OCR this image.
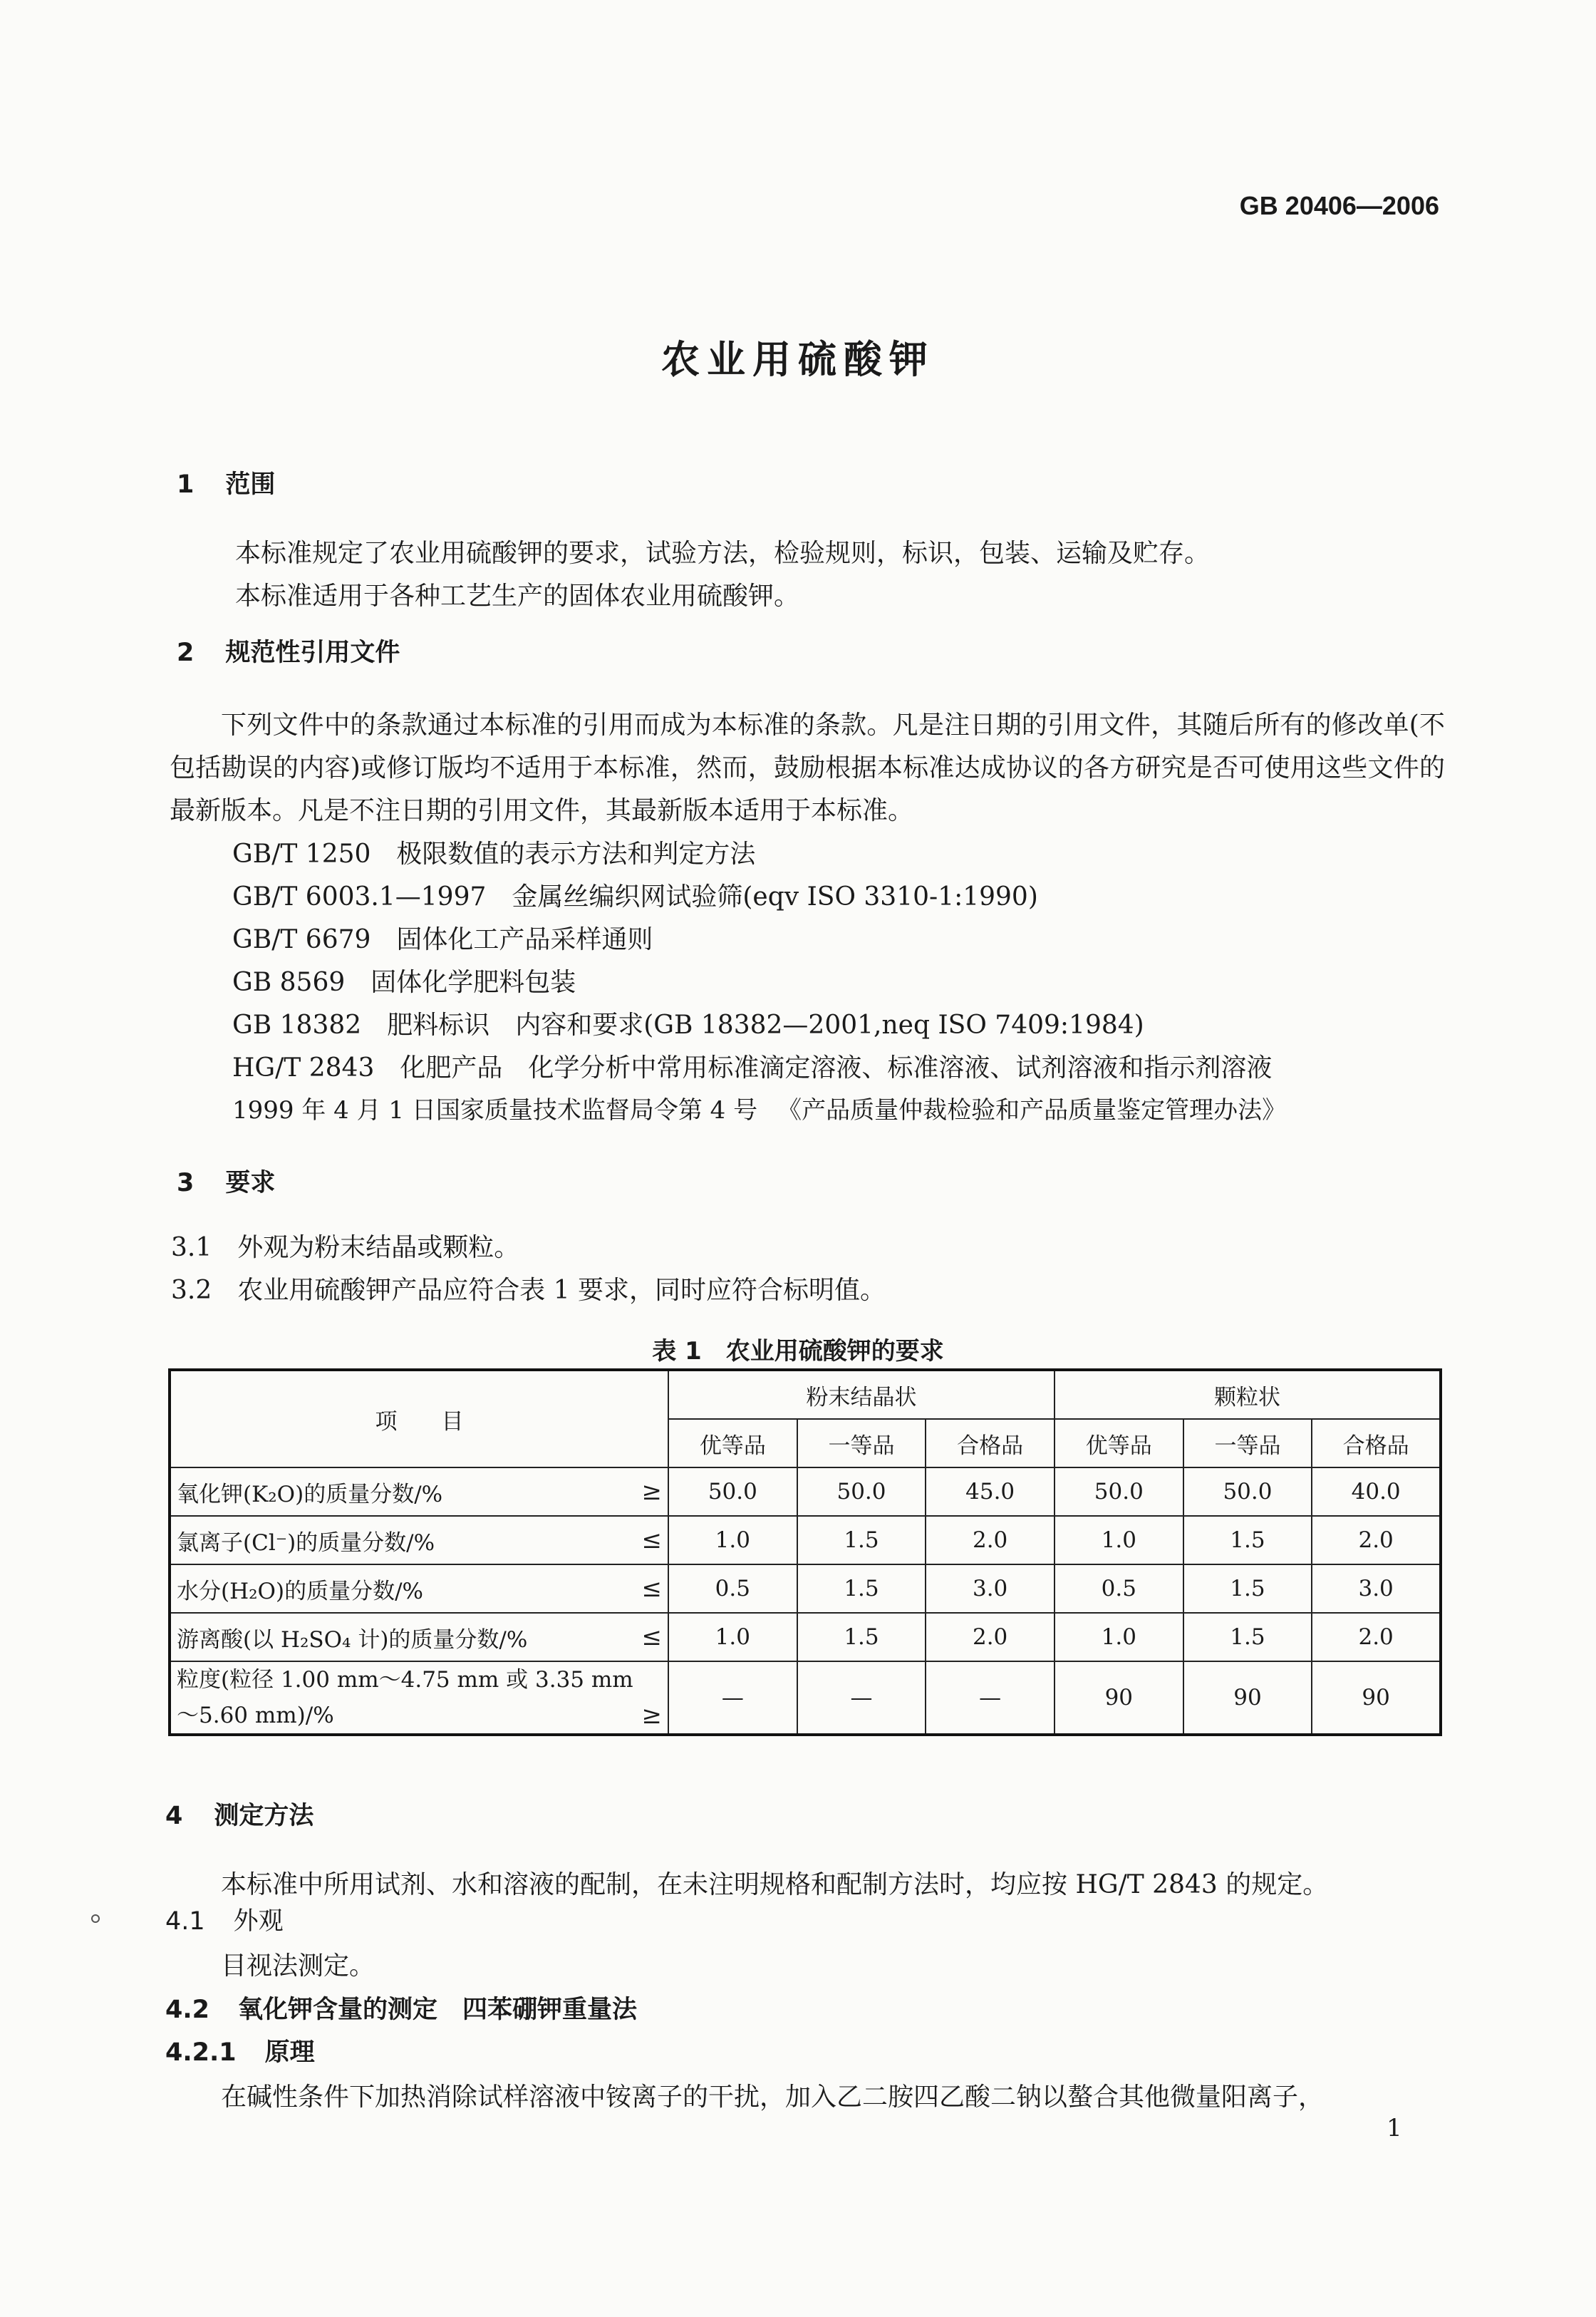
GB 20406—2006
农业用硫酸钾
1 范围
本标准规定了农业用硫酸钾的要求，试验方法，检验规则，标识，包装、运输及贮存。
本标准适用于各种工艺生产的固体农业用硫酸钾。
2 规范性引用文件
下列文件中的条款通过本标准的引用而成为本标准的条款。凡是注日期的引用文件，其随后所有的修改单(不包括勘误的内容)或修订版均不适用于本标准，然而，鼓励根据本标准达成协议的各方研究是否可使用这些文件的最新版本。凡是不注日期的引用文件，其最新版本适用于本标准。
GB/T 1250 极限数值的表示方法和判定方法
GB/T 6003.1—1997 金属丝编织网试验筛(eqv ISO 3310-1:1990)
GB/T 6679 固体化工产品采样通则
GB 8569 固体化学肥料包装
GB 18382 肥料标识　内容和要求(GB 18382—2001,neq ISO 7409:1984)
HG/T 2843 化肥产品　化学分析中常用标准滴定溶液、标准溶液、试剂溶液和指示剂溶液
1999 年 4 月 1 日国家质量技术监督局令第 4 号 《产品质量仲裁检验和产品质量鉴定管理办法》
3 要求
3.1 外观为粉末结晶或颗粒。
3.2 农业用硫酸钾产品应符合表 1 要求，同时应符合标明值。
表 1　农业用硫酸钾的要求
项　　目	粉末结晶状			颗粒状		
	优等品	一等品	合格品	优等品	一等品	合格品

氧化钾(K₂O)的质量分数/% ≥	50.0	50.0	45.0	50.0	50.0	40.0

氯离子(Cl⁻)的质量分数/% ≤	1.0	1.5	2.0	1.0	1.5	2.0

水分(H₂O)的质量分数/% ≤	0.5	1.5	3.0	0.5	1.5	3.0

游离酸(以 H₂SO₄ 计)的质量分数/% ≤	1.0	1.5	2.0	1.0	1.5	2.0

粒度(粒径 1.00 mm～4.75 mm 或 3.35 mm
～5.60 mm)/% ≥	—	—	—	90	90	90
4 测定方法
本标准中所用试剂、水和溶液的配制，在未注明规格和配制方法时，均应按 HG/T 2843 的规定。
4.1 外观
目视法测定。
4.2 氧化钾含量的测定　四苯硼钾重量法
4.2.1 原理
在碱性条件下加热消除试样溶液中铵离子的干扰，加入乙二胺四乙酸二钠以螯合其他微量阳离子，
1
